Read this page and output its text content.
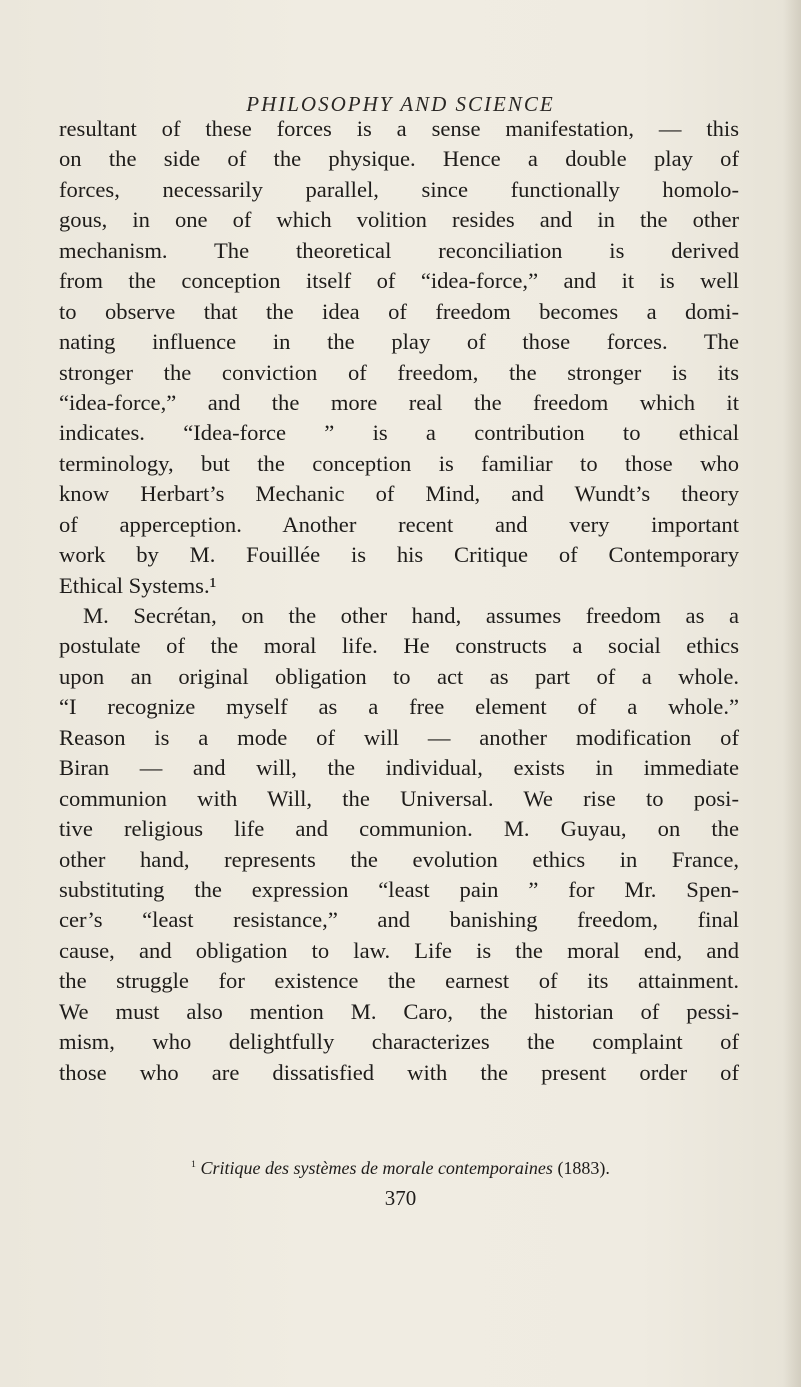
PHILOSOPHY AND SCIENCE
resultant of these forces is a sense manifestation, — this
on the side of the physique. Hence a double play of
forces, necessarily parallel, since functionally homolo-
gous, in one of which volition resides and in the other
mechanism. The theoretical reconciliation is derived
from the conception itself of “idea-force,” and it is well
to observe that the idea of freedom becomes a domi-
nating influence in the play of those forces. The
stronger the conviction of freedom, the stronger is its
“idea-force,” and the more real the freedom which it
indicates. “Idea-force ” is a contribution to ethical
terminology, but the conception is familiar to those who
know Herbart’s Mechanic of Mind, and Wundt’s theory
of apperception. Another recent and very important
work by M. Fouillée is his Critique of Contemporary
Ethical Systems.¹
M. Secrétan, on the other hand, assumes freedom as a
postulate of the moral life. He constructs a social ethics
upon an original obligation to act as part of a whole.
“I recognize myself as a free element of a whole.”
Reason is a mode of will — another modification of
Biran — and will, the individual, exists in immediate
communion with Will, the Universal. We rise to posi-
tive religious life and communion. M. Guyau, on the
other hand, represents the evolution ethics in France,
substituting the expression “least pain ” for Mr. Spen-
cer’s “least resistance,” and banishing freedom, final
cause, and obligation to law. Life is the moral end, and
the struggle for existence the earnest of its attainment.
We must also mention M. Caro, the historian of pessi-
mism, who delightfully characterizes the complaint of
those who are dissatisfied with the present order of
$^1$ Critique des systèmes de morale contemporaines (1883).
370
